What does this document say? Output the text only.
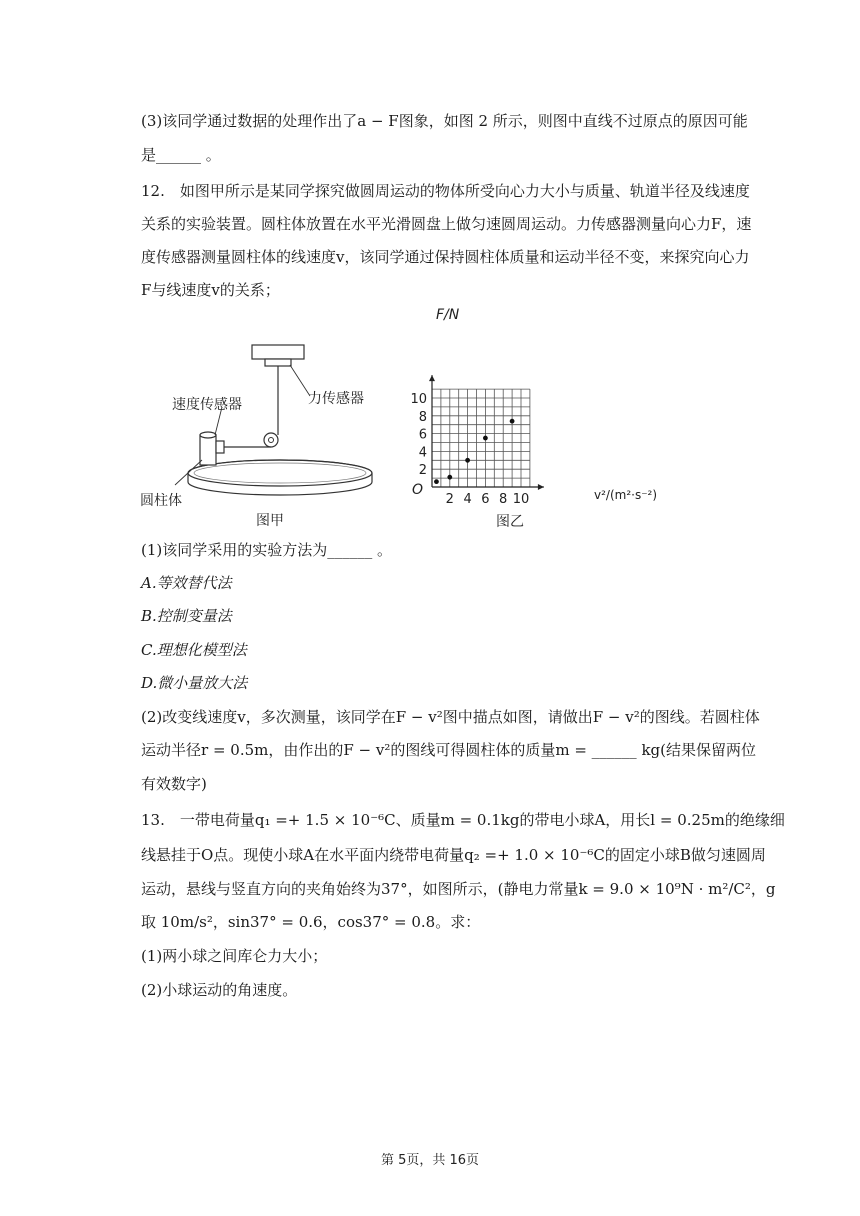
(3)该同学通过数据的处理作出了a − F图象，如图 2 所示，则图中直线不过原点的原因可能
是______ 。
12.　如图甲所示是某同学探究做圆周运动的物体所受向心力大小与质量、轨道半径及线速度
关系的实验装置。圆柱体放置在水平光滑圆盘上做匀速圆周运动。力传感器测量向心力F，速
度传感器测量圆柱体的线速度v，该同学通过保持圆柱体质量和运动半径不变，来探究向心力
F与线速度v的关系；
速度传感器	力传感器
圆柱体
图甲
2 4 6 8 10
2
4
6
8
10
F/N
v²/(m²·s⁻²)
O
图乙
(1)该同学采用的实验方法为______ 。
A.等效替代法
B.控制变量法
C.理想化模型法
D.微小量放大法
(2)改变线速度v，多次测量，该同学在F − v²图中描点如图，请做出F − v²的图线。若圆柱体
运动半径r = 0.5m，由作出的F − v²的图线可得圆柱体的质量m = ______ kg(结果保留两位
有效数字)
13.　一带电荷量q₁ =+ 1.5 × 10⁻⁶C、质量m = 0.1kg的带电小球A，用长l = 0.25m的绝缘细
线悬挂于O点。现使小球A在水平面内绕带电荷量q₂ =+ 1.0 × 10⁻⁶C的固定小球B做匀速圆周
运动，悬线与竖直方向的夹角始终为37°，如图所示，(静电力常量k = 9.0 × 10⁹N · m²/C²，g
取 10m/s²，sin37° = 0.6，cos37° = 0.8。求：
(1)两小球之间库仑力大小；
(2)小球运动的角速度。
第 5页，共 16页
